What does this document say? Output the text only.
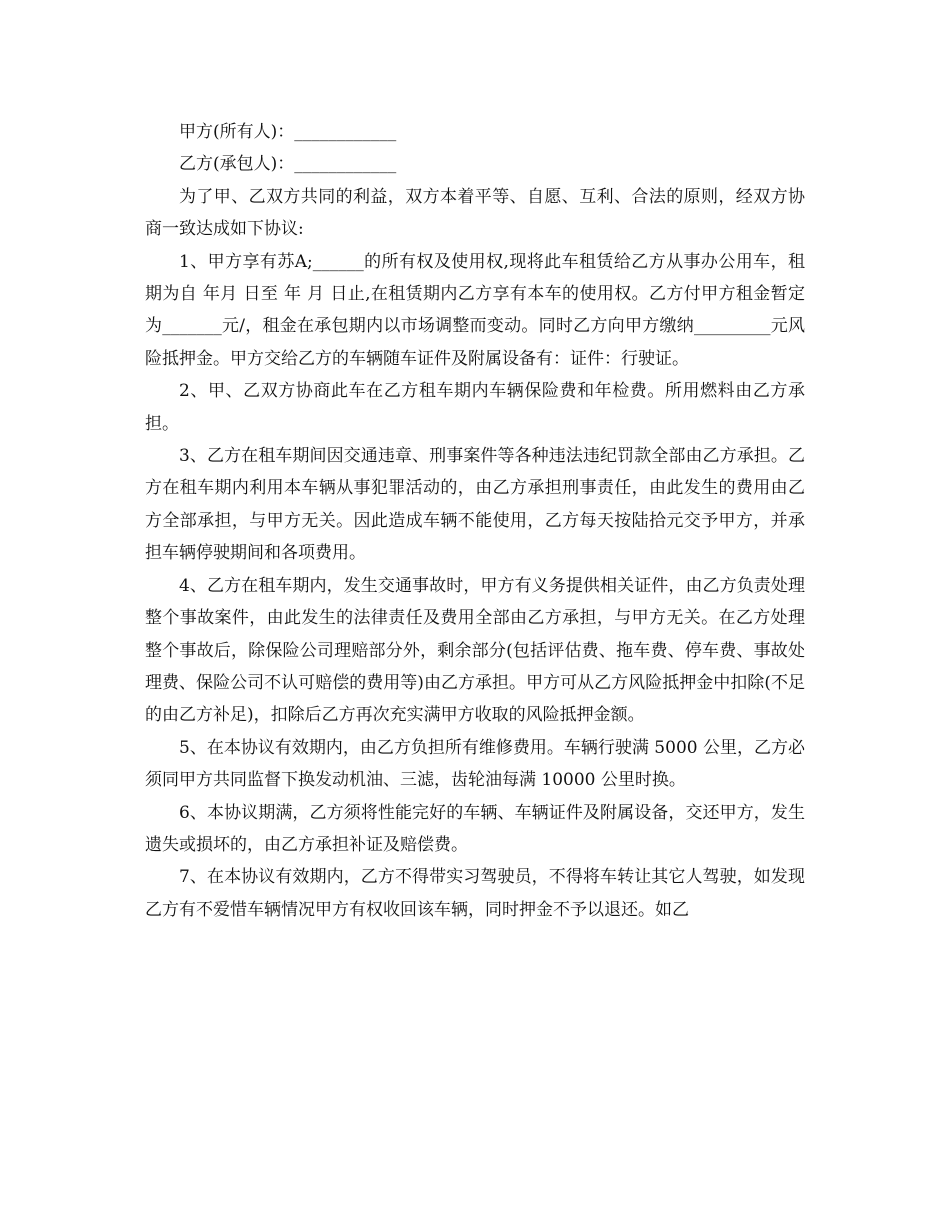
甲方(所有人)：____________

乙方(承包人)：____________

为了甲、乙双方共同的利益，双方本着平等、自愿、互利、合法的原则，经双方协商一致达成如下协议:

1、甲方享有苏A;______的所有权及使用权,现将此车租赁给乙方从事办公用车，租期为自 年月 日至 年 月 日止,在租赁期内乙方享有本车的使用权。乙方付甲方租金暂定为_______元/，租金在承包期内以市场调整而变动。同时乙方向甲方缴纳_________元风险抵押金。甲方交给乙方的车辆随车证件及附属设备有：证件：行驶证。

2、甲、乙双方协商此车在乙方租车期内车辆保险费和年检费。所用燃料由乙方承担。

3、乙方在租车期间因交通违章、刑事案件等各种违法违纪罚款全部由乙方承担。乙方在租车期内利用本车辆从事犯罪活动的，由乙方承担刑事责任，由此发生的费用由乙方全部承担，与甲方无关。因此造成车辆不能使用，乙方每天按陆拾元交予甲方，并承担车辆停驶期间和各项费用。

4、乙方在租车期内，发生交通事故时，甲方有义务提供相关证件，由乙方负责处理整个事故案件，由此发生的法律责任及费用全部由乙方承担，与甲方无关。在乙方处理整个事故后，除保险公司理赔部分外，剩余部分(包括评估费、拖车费、停车费、事故处理费、保险公司不认可赔偿的费用等)由乙方承担。甲方可从乙方风险抵押金中扣除(不足的由乙方补足)，扣除后乙方再次充实满甲方收取的风险抵押金额。

5、在本协议有效期内，由乙方负担所有维修费用。车辆行驶满 5000 公里，乙方必须同甲方共同监督下换发动机油、三滤，齿轮油每满 10000 公里时换。

6、本协议期满，乙方须将性能完好的车辆、车辆证件及附属设备，交还甲方，发生遗失或损坏的，由乙方承担补证及赔偿费。

7、在本协议有效期内，乙方不得带实习驾驶员，不得将车转让其它人驾驶，如发现乙方有不爱惜车辆情况甲方有权收回该车辆，同时押金不予以退还。如乙
